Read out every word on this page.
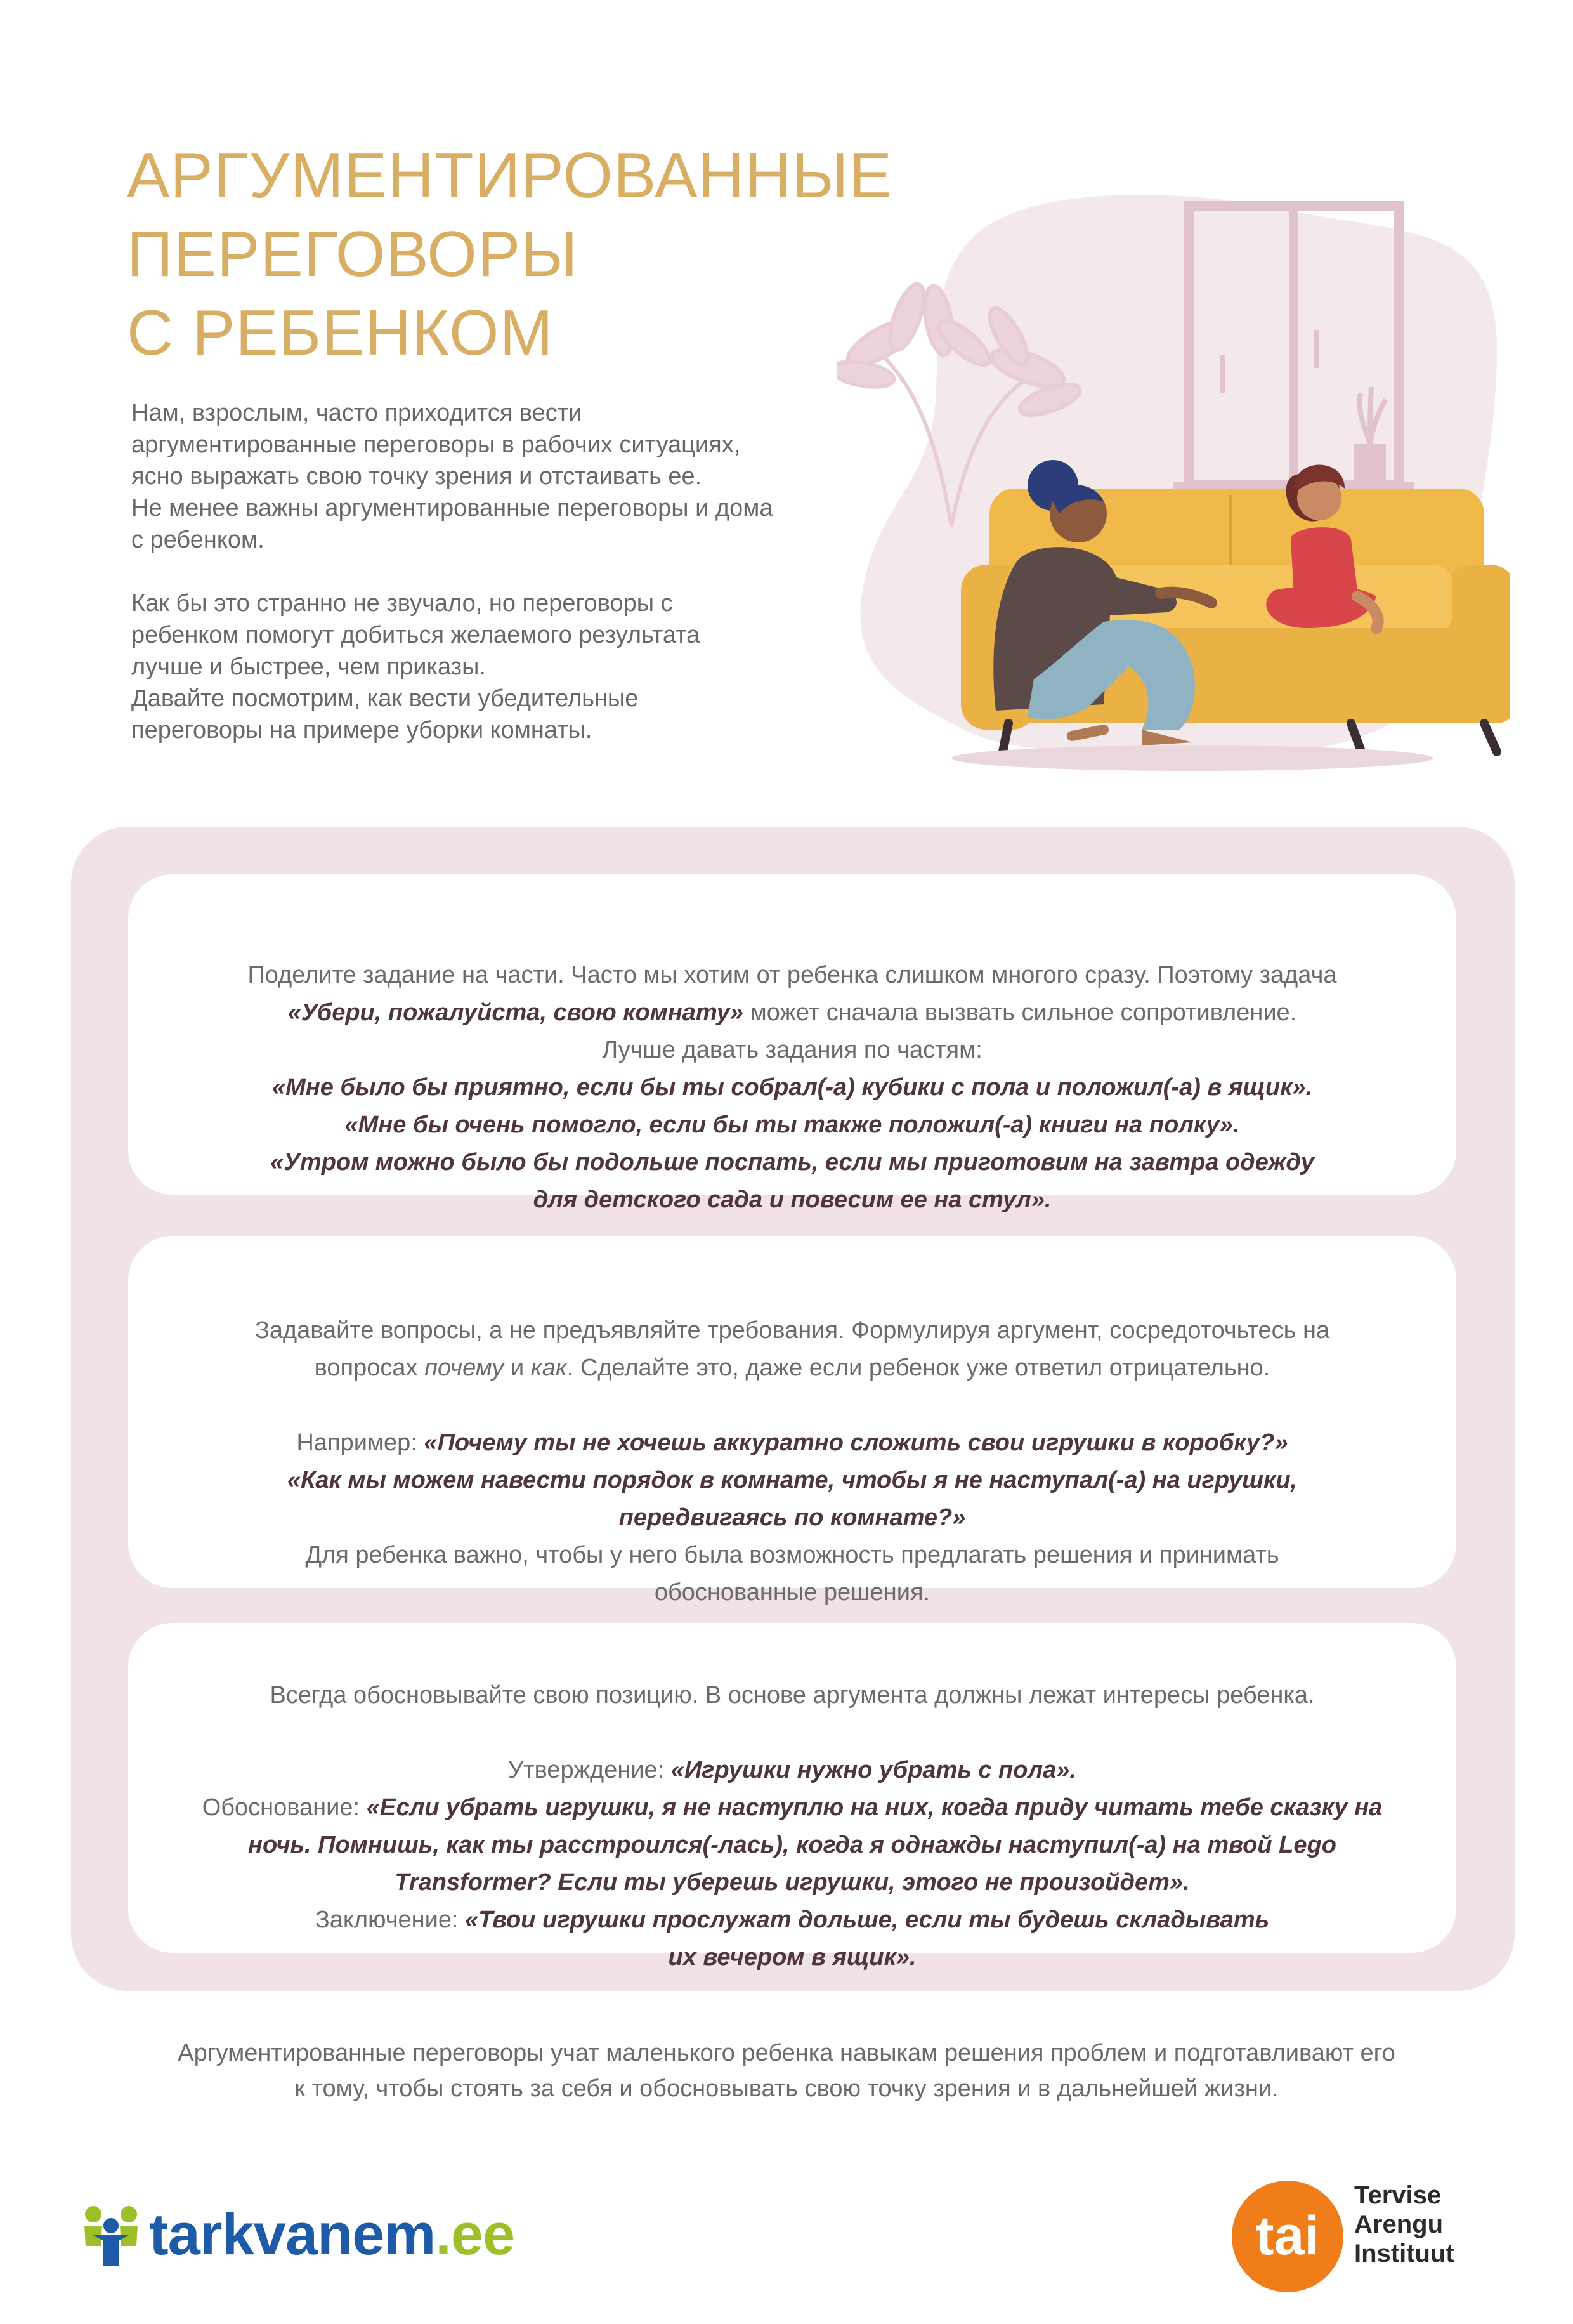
АРГУМЕНТИРОВАННЫЕ
ПЕРЕГОВОРЫ
С РЕБЕНКОМ

Нам, взрослым, часто приходится вести
аргументированные переговоры в рабочих ситуациях,
ясно выражать свою точку зрения и отстаивать ее.
Не менее важны аргументированные переговоры и дома
с ребенком.

Как бы это странно не звучало, но переговоры с
ребенком помогут добиться желаемого результата
лучше и быстрее, чем приказы.
Давайте посмотрим, как вести убедительные
переговоры на примере уборки комнаты.

Поделите задание на части. Часто мы хотим от ребенка слишком многого сразу. Поэтому задача
«Убери, пожалуйста, свою комнату» может сначала вызвать сильное сопротивление.
Лучше давать задания по частям:
«Мне было бы приятно, если бы ты собрал(-а) кубики с пола и положил(-а) в ящик».
«Мне бы очень помогло, если бы ты также положил(-а) книги на полку».
«Утром можно было бы подольше поспать, если мы приготовим на завтра одежду
для детского сада и повесим ее на стул».
Задавайте вопросы, а не предъявляйте требования. Формулируя аргумент, сосредоточьтесь на
вопросах почему и как. Сделайте это, даже если ребенок уже ответил отрицательно.
Например: «Почему ты не хочешь аккуратно сложить свои игрушки в коробку?»
«Как мы можем навести порядок в комнате, чтобы я не наступал(-а) на игрушки,
передвигаясь по комнате?»
Для ребенка важно, чтобы у него была возможность предлагать решения и принимать
обоснованные решения.
Всегда обосновывайте свою позицию. В основе аргумента должны лежат интересы ребенка.
Утверждение: «Игрушки нужно убрать с пола».
Обоснование: «Если убрать игрушки, я не наступлю на них, когда приду читать тебе сказку на
ночь. Помнишь, как ты расстроился(-лась), когда я однажды наступил(-а) на твой Lego
Transformer? Если ты уберешь игрушки, этого не произойдет».
Заключение: «Твои игрушки прослужат дольше, если ты будешь складывать
их вечером в ящик».
Аргументированные переговоры учат маленького ребенка навыкам решения проблем и подготавливают его
к тому, чтобы стоять за себя и обосновывать свою точку зрения и в дальнейшей жизни.
tarkvanem.ee	tai
Tervise
Arengu
Instituut
